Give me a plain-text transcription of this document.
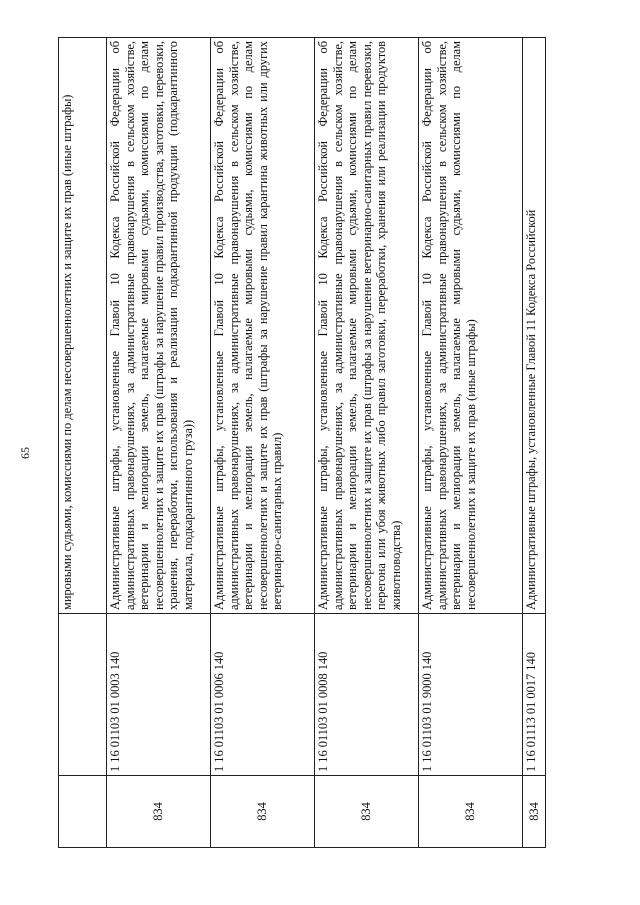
65
			мировыми судьями, комиссиями по делам несовершеннолетних и защите их прав (иные штрафы)
834	1 16 01103 01 0003 140	Административные штрафы, установленные Главой 10 Кодекса Российской Федерации об административных правонарушениях, за административные правонарушения в сельском хозяйстве, ветеринарии и мелиорации земель, налагаемые мировыми судьями, комиссиями по делам несовершеннолетних и защите их прав (штрафы за нарушение правил производства, заготовки, перевозки, хранения, переработки, использования и реализации подкарантинной продукции (подкарантинного материала, подкарантинного груза))
834	1 16 01103 01 0006 140	Административные штрафы, установленные Главой 10 Кодекса Российской Федерации об административных правонарушениях, за административные правонарушения в сельском хозяйстве, ветеринарии и мелиорации земель, налагаемые мировыми судьями, комиссиями по делам несовершеннолетних и защите их прав (штрафы за нарушение правил карантина животных или других ветеринарно-санитарных правил)
834	1 16 01103 01 0008 140	Административные штрафы, установленные Главой 10 Кодекса Российской Федерации об административных правонарушениях, за административные правонарушения в сельском хозяйстве, ветеринарии и мелиорации земель, налагаемые мировыми судьями, комиссиями по делам несовершеннолетних и защите их прав (штрафы за нарушение ветеринарно-санитарных правил перевозки, перегона или убоя животных либо правил заготовки, переработки, хранения или реализации продуктов животноводства)
834	1 16 01103 01 9000 140	Административные штрафы, установленные Главой 10 Кодекса Российской Федерации об административных правонарушениях, за административные правонарушения в сельском хозяйстве, ветеринарии и мелиорации земель, налагаемые мировыми судьями, комиссиями по делам несовершеннолетних и защите их прав (иные штрафы)
834	1 16 01113 01 0017 140	Административные штрафы, установленные Главой 11 Кодекса Российской
